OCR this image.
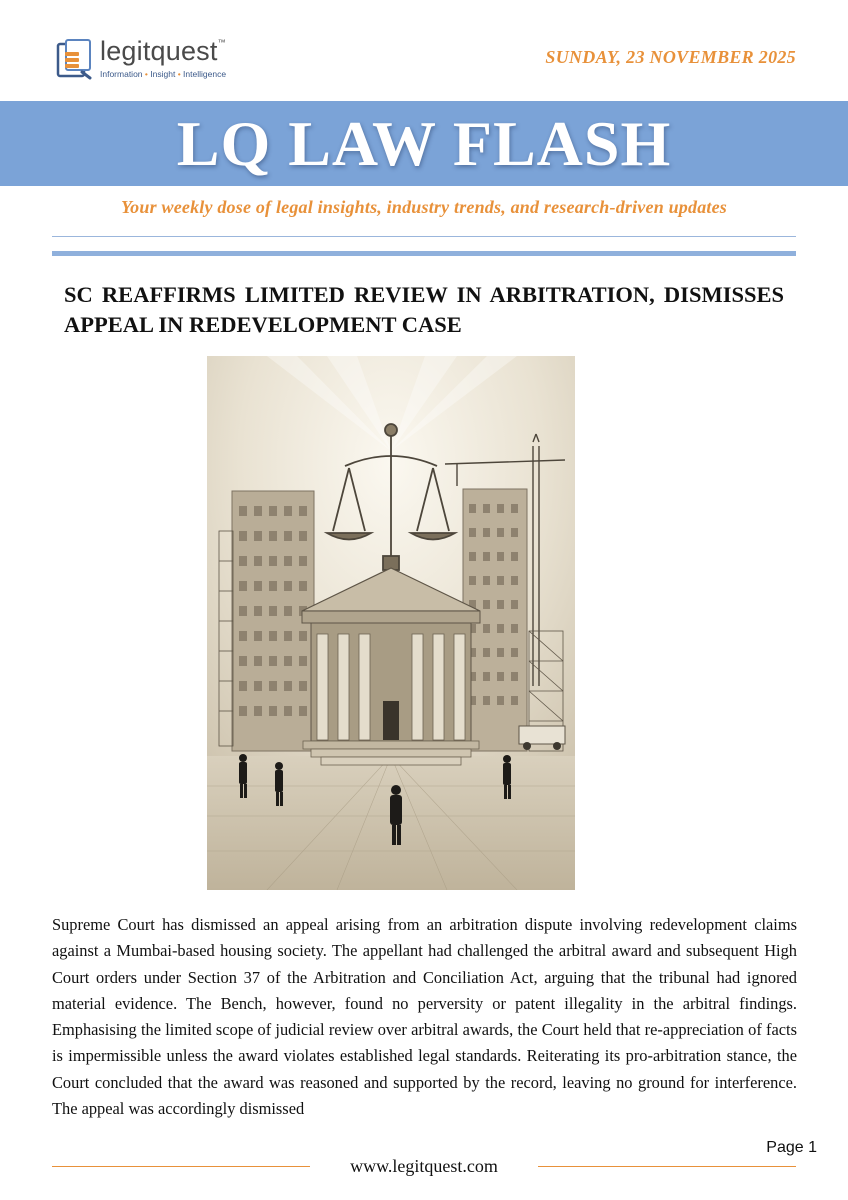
legitquest™
Information • Insight • Intelligence
SUNDAY, 23 NOVEMBER 2025
LQ LAW FLASH
Your weekly dose of legal insights, industry trends, and research-driven updates
SC REAFFIRMS LIMITED REVIEW IN ARBITRATION, DISMISSES APPEAL IN REDEVELOPMENT CASE
Supreme Court has dismissed an appeal arising from an arbitration dispute involving redevelopment claims against a Mumbai-based housing society. The appellant had challenged the arbitral award and subsequent High Court orders under Section 37 of the Arbitration and Conciliation Act, arguing that the tribunal had ignored material evidence. The Bench, however, found no perversity or patent illegality in the arbitral findings. Emphasising the limited scope of judicial review over arbitral awards, the Court held that re-appreciation of facts is impermissible unless the award violates established legal standards. Reiterating its pro-arbitration stance, the Court concluded that the award was reasoned and supported by the record, leaving no ground for interference. The appeal was accordingly dismissed
Page 1
www.legitquest.com
